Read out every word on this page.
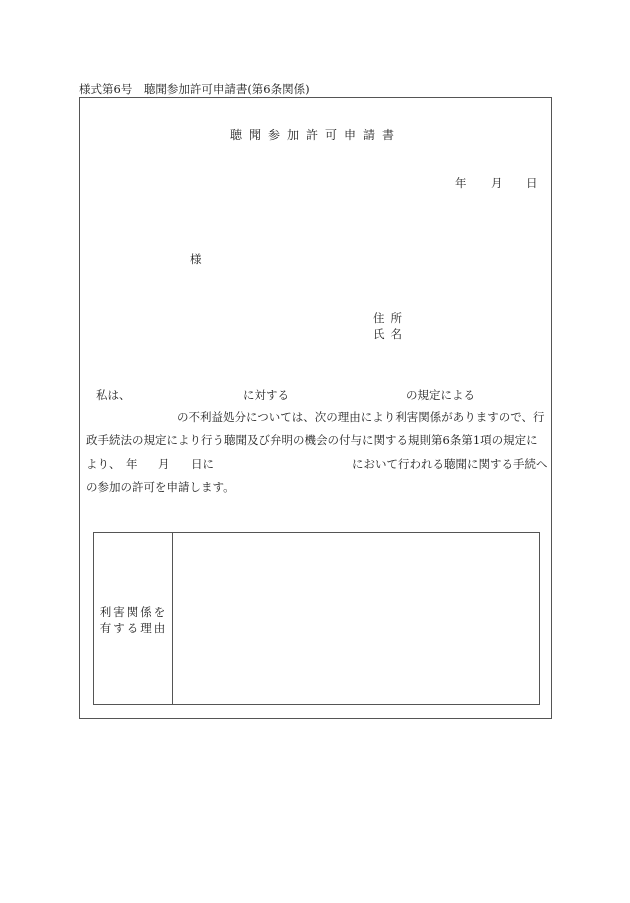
様式第6号　聴聞参加許可申請書(第6条関係)
聴聞参加許可申請書
年 月 日
様
住所
氏名
私は、	に対する	の規定による
の不利益処分については、次の理由により利害関係がありますので、行
政手続法の規定により行う聴聞及び弁明の機会の付与に関する規則第6条第1項の規定に
より、 年 月 日に	において行われる聴聞に関する手続へ
の参加の許可を申請します。
利害関係を
有する理由
